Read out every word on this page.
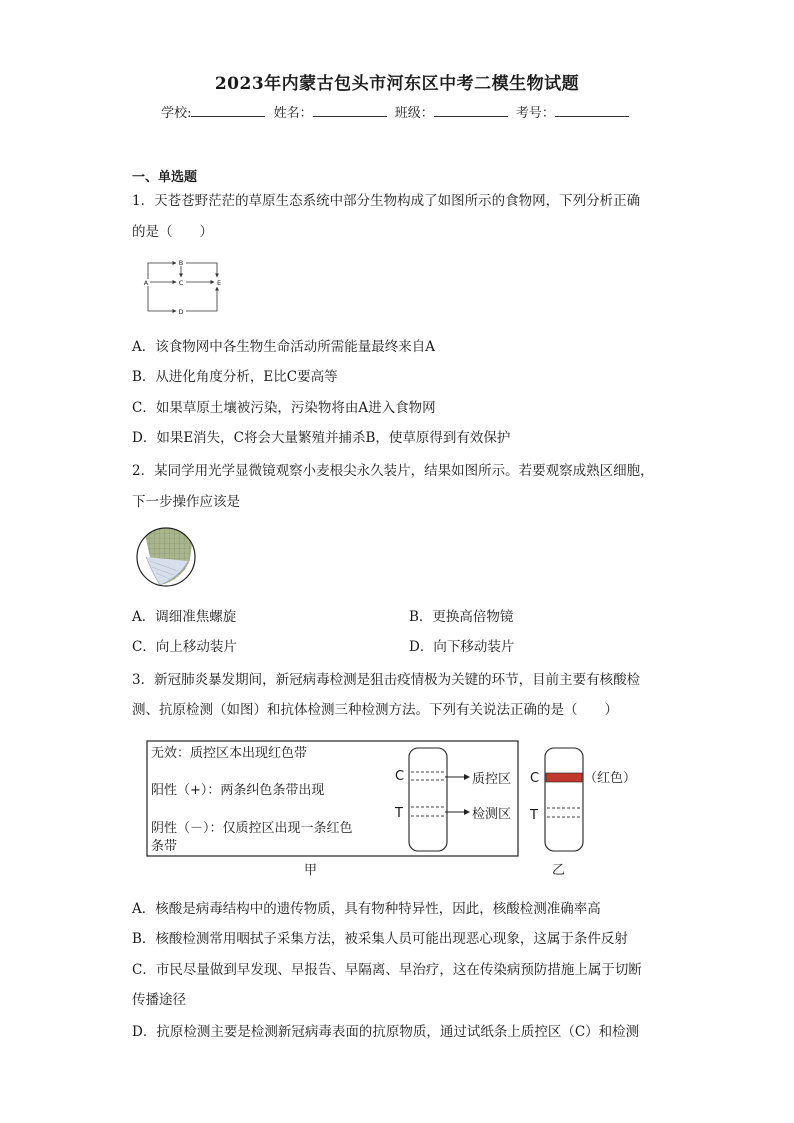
2023年内蒙古包头市河东区中考二模生物试题
学校:	姓名：	班级：	考号：
一、单选题
1．天苍苍野茫茫的草原生态系统中部分生物构成了如图所示的食物网，下列分析正确
的是（　　）
A
B
C
D
E
A．该食物网中各生物生命活动所需能量最终来自A
B．从进化角度分析，E比C要高等
C．如果草原土壤被污染，污染物将由A进入食物网
D．如果E消失，C将会大量繁殖并捕杀B，使草原得到有效保护
2．某同学用光学显微镜观察小麦根尖永久装片，结果如图所示。若要观察成熟区细胞，
下一步操作应该是
A．调细准焦螺旋	B．更换高倍物镜
C．向上移动装片	D．向下移动装片
3．新冠肺炎暴发期间，新冠病毒检测是狙击疫情极为关键的环节，目前主要有核酸检
测、抗原检测（如图）和抗体检测三种检测方法。下列有关说法正确的是（　　）
无效：质控区本出现红色带
阳性（+）：两条纠色条带出现
阴性（－）：仅质控区出现一条红色
条带
C
T
质控区
检测区
甲
C
T
（红色）
乙
A．核酸是病毒结构中的遗传物质，具有物种特异性，因此，核酸检测准确率高
B．核酸检测常用咽拭子采集方法，被采集人员可能出现恶心现象，这属于条件反射
C．市民尽量做到早发现、早报告、早隔离、早治疗，这在传染病预防措施上属于切断
传播途径
D．抗原检测主要是检测新冠病毒表面的抗原物质，通过试纸条上质控区（C）和检测
